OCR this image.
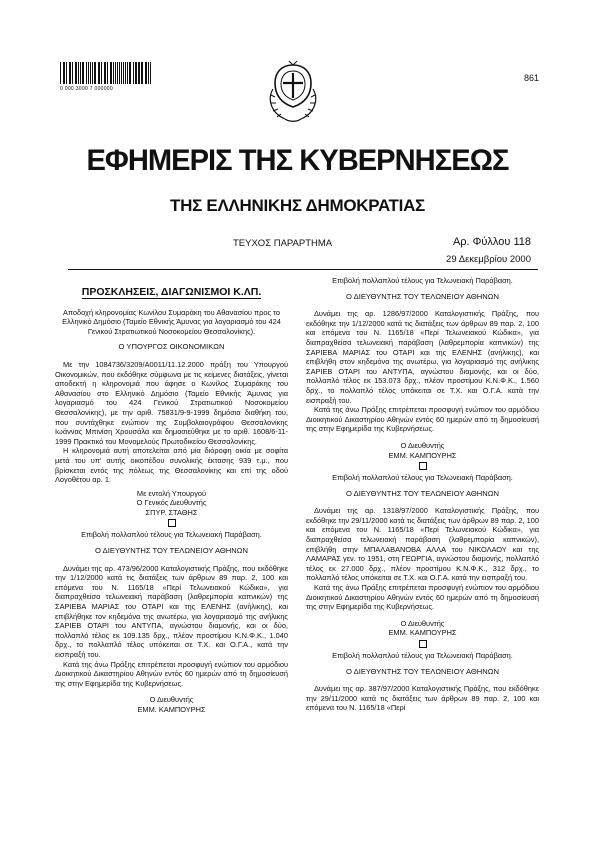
0 000 3000 7 000000
861
ΕΦΗΜΕΡΙΣ ΤΗΣ ΚΥΒΕΡΝΗΣΕΩΣ
ΤΗΣ ΕΛΛΗΝΙΚΗΣ ΔΗΜΟΚΡΑΤΙΑΣ
ΤΕΥΧΟΣ ΠΑΡΑΡΤΗΜΑ	Αρ. Φύλλου 118
29 Δεκεμβρίου 2000
ΠΡΟΣΚΛΗΣΕΙΣ, ΔΙΑΓΩΝΙΣΜΟΙ Κ.ΛΠ.

Αποδοχή κληρονομίας Κωνίλου Συμαράκη του Αθανασίου προς το Ελληνικό Δημόσιο (Ταμείο Εθνικής Άμυνας για λογαριασμό του 424 Γενικού Στρατιωτικού Νοσοκομείου Θεσσαλονίκης).

Ο ΥΠΟΥΡΓΟΣ ΟΙΚΟΝΟΜΙΚΩΝ

Με την 1084736/3209/Α0011/11.12.2000 πράξη του Υπουργού Οικονομικών, που εκδόθηκε σύμφωνα με τις κείμενες διατάξεις, γίνεται αποδεκτή η κληρονομιά που άφησε ο Κωνίλος Συμαράκης του Αθανασίου στο Ελληνικό Δημόσιο (Ταμείο Εθνικής Άμυνας για λογαριασμό του 424 Γενικού Στρατιωτικού Νοσοκομείου Θεσσαλονίκης), με την αριθ. 75831/9-9-1999 δημόσια διαθήκη του, που συντάχθηκε ενώπιον της Συμβολαιογράφου Θεσσαλονίκης Ιωάννας Μπινίση Χρουσάλα και δημοσιεύθηκε με το αριθ. 1608/6-11-1999 Πρακτικό του Μονομελούς Πρωτοδικείου Θεσσαλονίκης.

Η κληρονομιά αυτή αποτελείται από μία διόροφη οικία με σοφίτα μετά του υπ' αυτής οικοπέδου συνολικής έκτασης 939 τ.μ., που βρίσκεται εντός της πόλεως της Θεσσαλονίκης και επί της οδού Λογοθέτου αρ. 1.

Με εντολή Υπουργού

Ο Γενικός Διευθυντής

ΣΠΥΡ. ΣΤΑΘΗΣ

Επιβολή πολλαπλού τέλους για Τελωνειακή Παράβαση.

Ο ΔΙΕΥΘΥΝΤΗΣ ΤΟΥ ΤΕΛΩΝΕΙΟΥ ΑΘΗΝΩΝ

Δυνάμει της αρ. 473/96/2000 Καταλογιστικής Πράξης, που εκδόθηκε την 1/12/2000 κατά τις διατάξεις των άρθρων 89 παρ. 2, 100 και επόμενα του Ν. 1165/18 «Περί Τελωνειακού Κώδικα», για διαπραχθείσα τελωνειακή παράβαση (λαθρεμπορία καπνικών) της ΣΑΡΙΕΒΑ ΜΑΡΙΑΣ του ΟΤΑΡΙ και της ΕΛΕΝΗΣ (ανήλικης), και επιβλήθηκε τον κηδεμόνα της ανωτέρω, για λογαριασμό της ανήλικης ΣΑΡΙΕΒ ΟΤΑΡΙ του ΑΝΤΥΠΑ, αγνώστου διαμονής, και οι δύο, πολλαπλό τέλος εκ 109.135 δρχ., πλέον προστίμου Κ.Ν.Φ.Κ., 1.040 δρχ., το πολλαπλό τέλος υπόκειται σε Τ.Χ. και Ο.Γ.Α., κατά την εισπραξή του.

Κατά της άνω Πράξης επιτρέπεται προσφυγή ενώπιον του αρμόδιου Διοικητικού Δικαστηρίου Αθηνών εντός 60 ημερών από τη δημοσίευσή της στην Εφημερίδα της Κυβερνήσεως.

Ο Διευθυντής

ΕΜΜ. ΚΑΜΠΟΥΡΗΣ

Επιβολή πολλαπλού τέλους για Τελωνειακή Παράβαση.

Ο ΔΙΕΥΘΥΝΤΗΣ ΤΟΥ ΤΕΛΩΝΕΙΟΥ ΑΘΗΝΩΝ

Δυνάμει της αρ. 1286/97/2000 Καταλογιστικής Πράξης, που εκδόθηκε την 1/12/2000 κατά τις διατάξεις των άρθρων 89 παρ. 2, 100 και επόμενα του Ν. 1165/18 «Περί Τελωνειακού Κώδικα», για διαπραχθείσα τελωνειακή παράβαση (λαθρεμπορία καπνικών) της ΣΑΡΙΕΒΑ ΜΑΡΙΑΣ του ΟΤΑΡΙ και της ΕΛΕΝΗΣ (ανήλικης), και επιβλήθη στον κηδεμόνα της ανωτέρω, για λογαριασμό της ανήλικης ΣΑΡΙΕΒ ΟΤΑΡΙ του ΑΝΤΥΠΑ, αγνώστου διαμονής, και οι δύο, πολλαπλό τέλος εκ 153.073 δρχ., πλέον προστίμου Κ.Ν.Φ.Κ., 1.560 δρχ., το πολλαπλό τέλος υπόκειται σε Τ.Χ. και Ο.Γ.Α. κατά την εισπραξή του.

Κατά της άνω Πράξης επιτρέπεται προσφυγή ενώπιον του αρμόδιου Διοικητικού Δικαστηρίου Αθηνών εντός 60 ημερών από τη δημοσίευσή της στην Εφημερίδα της Κυβερνήσεως.

Ο Διευθυντής

ΕΜΜ. ΚΑΜΠΟΥΡΗΣ

Επιβολή πολλαπλού τέλους για Τελωνειακή Παράβαση.

Ο ΔΙΕΥΘΥΝΤΗΣ ΤΟΥ ΤΕΛΩΝΕΙΟΥ ΑΘΗΝΩΝ

Δυνάμει της αρ. 1318/97/2000 Καταλογιστικής Πράξης, που εκδόθηκε την 29/11/2000 κατά τις διατάξεις των άρθρων 89 παρ. 2, 100 και επόμενα του Ν. 1165/18 «Περί Τελωνειακού Κώδικα», για διαπραχθείσα τελωνειακή παράβαση (λαθρεμπορία καπνικών), επιβλήθη στην ΜΠΑΛΑΒΑΝΟΒΑ ΑΛΛΑ του ΝΙΚΟΛΑΟΥ και της ΛΑΜΑΡΑΣ γεν. το 1951, στη ΓΕΩΡΓΙΑ, αγνώστου διαμονής, πολλαπλό τέλος εκ 27.000 δρχ., πλέον προστίμου Κ.Ν.Φ.Κ., 312 δρχ., το πολλαπλό τέλος υπόκειται σε Τ.Χ. και Ο.Γ.Α. κατά την εισπραξή του.

Κατά της άνω Πράξης επιτρέπεται προσφυγή ενώπιον του αρμόδιου Διοικητικού Δικαστηρίου Αθηνών εντός 60 ημερών από τη δημοσίευσή της στην Εφημερίδα της Κυβερνήσεως.

Ο Διευθυντής

ΕΜΜ. ΚΑΜΠΟΥΡΗΣ

Επιβολή πολλαπλού τέλους για Τελωνειακή Παράβαση.

Ο ΔΙΕΥΘΥΝΤΗΣ ΤΟΥ ΤΕΛΩΝΕΙΟΥ ΑΘΗΝΩΝ

Δυνάμει της αρ. 387/97/2000 Καταλογιστικής Πράξης, που εκδόθηκε την 29/11/2000 κατά τις διατάξεις των άρθρων 89 παρ. 2, 100 και επόμενα του Ν. 1165/18 «Περί
